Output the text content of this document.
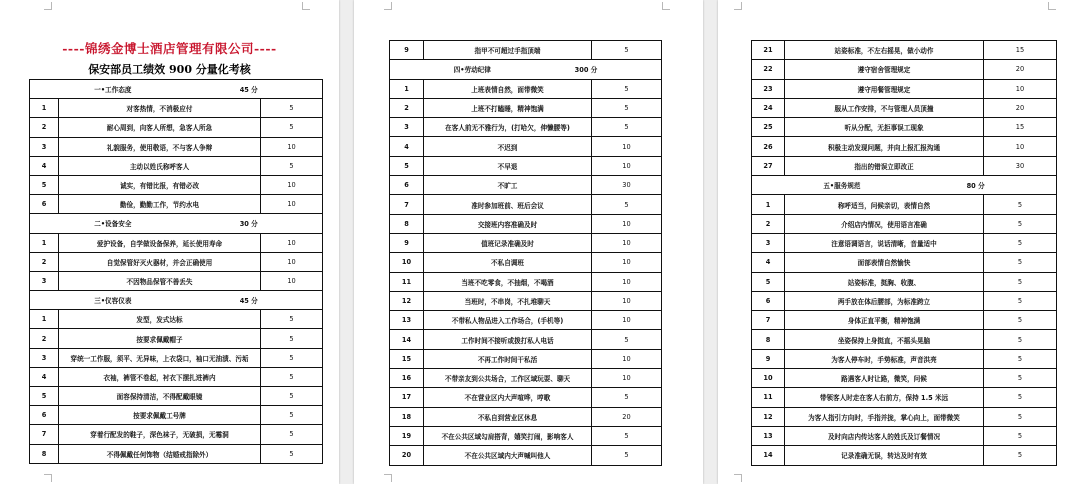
----锦绣金博士酒店管理有限公司----
保安部员工绩效 900 分量化考核
一•工作态度 45 分		

1	对客热情，不消极应付	5
2	耐心周到，向客人所想，急客人所急	5
3	礼貌服务，使用敬语，不与客人争辩	10
4	主动以姓氏称呼客人	5
5	诚实，有错比报，有错必改	10
6	勤俭，勤勤工作，节约水电	10

二•设备安全 30 分		

1	爱护设备，自学做设备保养，延长使用寿命	10
2	自觉保管好灭火器材，并会正确使用	10
3	不因物品保管不善丢失	10

三•仪容仪表 45 分		

1	发型，发式达标	5
2	按要求佩戴帽子	5
3	穿统一工作服，须平、无异味，上衣袋口，袖口无油渍、污垢	5
4	衣袖，裤管不卷起，衬衣下摆扎进裤内	5
5	面容保持清洁，不得配戴眼镜	5
6	按要求佩戴工号牌	5
7	穿着行配发的鞋子，深色袜子，无破损，无霉洞	5
8	不得佩戴任何饰物（结婚戒指除外）	5
9	指甲不可超过手指顶端	5

四•劳动纪律 300 分		

1	上班表情自然，面带微笑	5
2	上班不打瞌睡，精神饱满	5
3	在客人前无不雅行为，(打哈欠，伸懒腰等)	5
4	不迟到	10
5	不早退	10
6	不旷工	30
7	准时参加班前、班后会议	5
8	交接班内容准确及时	10
9	值班记录准确及时	10
10	不私自调班	10
11	当班不吃零食，不抽烟，不喝酒	10
12	当班时，不串岗，不扎堆聊天	10
13	不带私人物品进入工作场合，(手机等)	10
14	工作时间不接听或拨打私人电话	5
15	不再工作时间干私活	10
16	不带亲友到公共场合，工作区域玩耍、聊天	10
17	不在营业区内大声喧哗，哼歌	5
18	不私自到营业区休息	20
19	不在公共区域勾肩搭背，嬉笑打闹，影响客人	5
20	不在公共区域内大声喊叫他人	5
21	站姿标准，不左右摇晃，做小动作	15
22	遵守宿舍管理规定	20
23	遵守用餐管理规定	10
24	服从工作安排，不与管理人员顶撞	20
25	听从分配，无拒事误工现象	15
26	积极主动发现问题，并向上报汇报沟通	10
27	指出的错误立即改正	30

五•服务规范 80 分		

1	称呼适当，问候亲切，表情自然	5
2	介绍店内情况，使用语言准确	5
3	注意语调语言，说话清晰，音量适中	5
4	面部表情自然愉快	5
5	站姿标准，挺胸、收腹、	5
6	两手放在体后腰部，为标准跨立	5
7	身体正直平衡，精神饱满	5
8	坐姿保持上身挺直，不摇头晃脑	5
9	为客人停车时，手势标准，声音洪亮	5
10	路遇客人时让路，微笑，问候	5
11	带领客人时走在客人右前方，保持 1.5 米远	5
12	为客人指引方向时，手指并拢，掌心向上，面带微笑	5
13	及时向店内传达客人的姓氏及订餐情况	5
14	记录准确无误，转达及时有效	5
